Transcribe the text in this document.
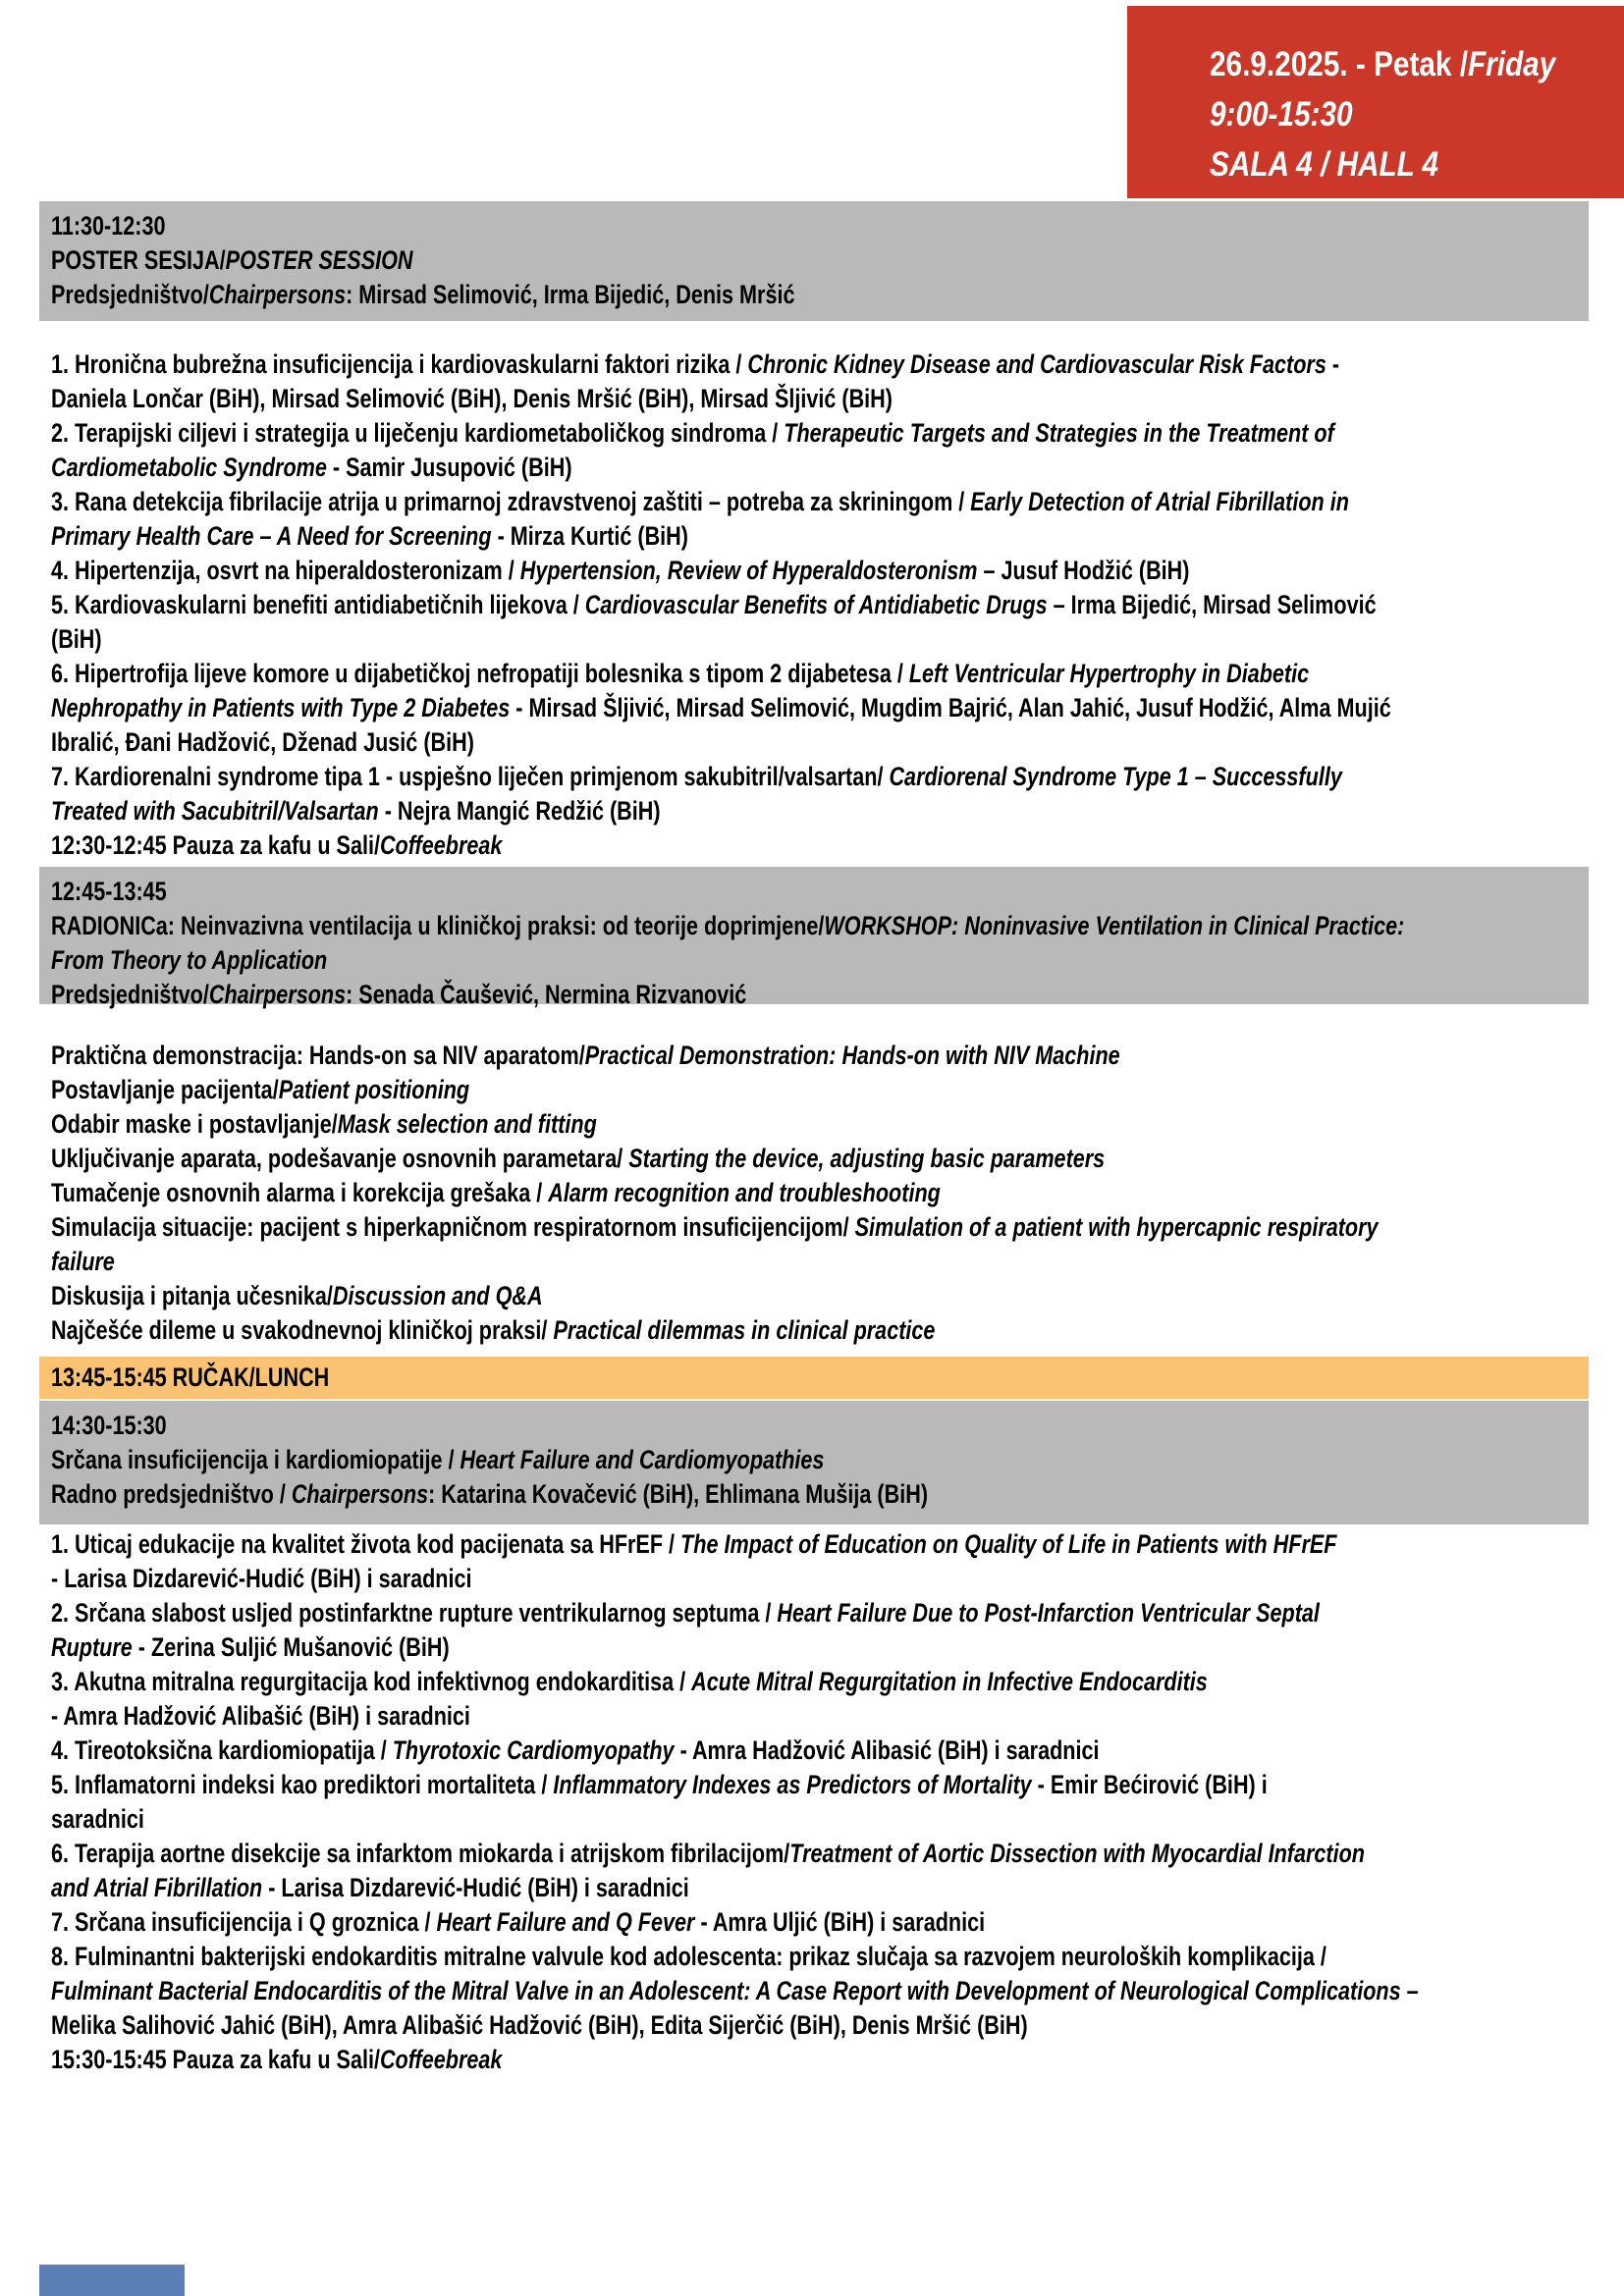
26.9.2025. - Petak /Friday
9:00-15:30
SALA 4 / HALL 4
11:30-12:30
POSTER SESIJA/POSTER SESSION
Predsjedništvo/Chairpersons: Mirsad Selimović, Irma Bijedić, Denis Mršić
1. Hronična bubrežna insuficijencija i kardiovaskularni faktori rizika / Chronic Kidney Disease and Cardiovascular Risk Factors -
Daniela Lončar (BiH), Mirsad Selimović (BiH), Denis Mršić (BiH), Mirsad Šljivić (BiH)
2. Terapijski ciljevi i strategija u liječenju kardiometaboličkog sindroma / Therapeutic Targets and Strategies in the Treatment of
Cardiometabolic Syndrome - Samir Jusupović (BiH)
3. Rana detekcija fibrilacije atrija u primarnoj zdravstvenoj zaštiti – potreba za skriningom / Early Detection of Atrial Fibrillation in
Primary Health Care – A Need for Screening - Mirza Kurtić (BiH)
4. Hipertenzija, osvrt na hiperaldosteronizam / Hypertension, Review of Hyperaldosteronism – Jusuf Hodžić (BiH)
5. Kardiovaskularni benefiti antidiabetičnih lijekova / Cardiovascular Benefits of Antidiabetic Drugs – Irma Bijedić, Mirsad Selimović
(BiH)
6. Hipertrofija lijeve komore u dijabetičkoj nefropatiji bolesnika s tipom 2 dijabetesa / Left Ventricular Hypertrophy in Diabetic
Nephropathy in Patients with Type 2 Diabetes - Mirsad Šljivić, Mirsad Selimović, Mugdim Bajrić, Alan Jahić, Jusuf Hodžić, Alma Mujić
Ibralić, Đani Hadžović, Dženad Jusić (BiH)
7. Kardiorenalni syndrome tipa 1 - uspješno liječen primjenom sakubitril/valsartan/ Cardiorenal Syndrome Type 1 – Successfully
Treated with Sacubitril/Valsartan - Nejra Mangić Redžić (BiH)
12:30-12:45 Pauza za kafu u Sali/Coffeebreak
12:45-13:45
RADIONICa: Neinvazivna ventilacija u kliničkoj praksi: od teorije doprimjene/WORKSHOP: Noninvasive Ventilation in Clinical Practice:
From Theory to Application
Predsjedništvo/Chairpersons: Senada Čaušević, Nermina Rizvanović
Praktična demonstracija: Hands-on sa NIV aparatom/Practical Demonstration: Hands-on with NIV Machine
Postavljanje pacijenta/Patient positioning
Odabir maske i postavljanje/Mask selection and fitting
Uključivanje aparata, podešavanje osnovnih parametara/ Starting the device, adjusting basic parameters
Tumačenje osnovnih alarma i korekcija grešaka / Alarm recognition and troubleshooting
Simulacija situacije: pacijent s hiperkapničnom respiratornom insuficijencijom/ Simulation of a patient with hypercapnic respiratory
failure
Diskusija i pitanja učesnika/Discussion and Q&A
Najčešće dileme u svakodnevnoj kliničkoj praksi/ Practical dilemmas in clinical practice
13:45-15:45 RUČAK/LUNCH
14:30-15:30
Srčana insuficijencija i kardiomiopatije / Heart Failure and Cardiomyopathies
Radno predsjedništvo / Chairpersons: Katarina Kovačević (BiH), Ehlimana Mušija (BiH)
1. Uticaj edukacije na kvalitet života kod pacijenata sa HFrEF / The Impact of Education on Quality of Life in Patients with HFrEF
- Larisa Dizdarević-Hudić (BiH) i saradnici
2. Srčana slabost usljed postinfarktne rupture ventrikularnog septuma / Heart Failure Due to Post-Infarction Ventricular Septal
Rupture - Zerina Suljić Mušanović (BiH)
3. Akutna mitralna regurgitacija kod infektivnog endokarditisa / Acute Mitral Regurgitation in Infective Endocarditis
- Amra Hadžović Alibašić (BiH) i saradnici
4. Tireotoksična kardiomiopatija / Thyrotoxic Cardiomyopathy - Amra Hadžović Alibasić (BiH) i saradnici
5. Inflamatorni indeksi kao prediktori mortaliteta / Inflammatory Indexes as Predictors of Mortality - Emir Bećirović (BiH) i
saradnici
6. Terapija aortne disekcije sa infarktom miokarda i atrijskom fibrilacijom/Treatment of Aortic Dissection with Myocardial Infarction
and Atrial Fibrillation - Larisa Dizdarević-Hudić (BiH) i saradnici
7. Srčana insuficijencija i Q groznica / Heart Failure and Q Fever - Amra Uljić (BiH) i saradnici
8. Fulminantni bakterijski endokarditis mitralne valvule kod adolescenta: prikaz slučaja sa razvojem neuroloških komplikacija /
Fulminant Bacterial Endocarditis of the Mitral Valve in an Adolescent: A Case Report with Development of Neurological Complications –
Melika Salihović Jahić (BiH), Amra Alibašić Hadžović (BiH), Edita Sijerčić (BiH), Denis Mršić (BiH)
15:30-15:45 Pauza za kafu u Sali/Coffeebreak
